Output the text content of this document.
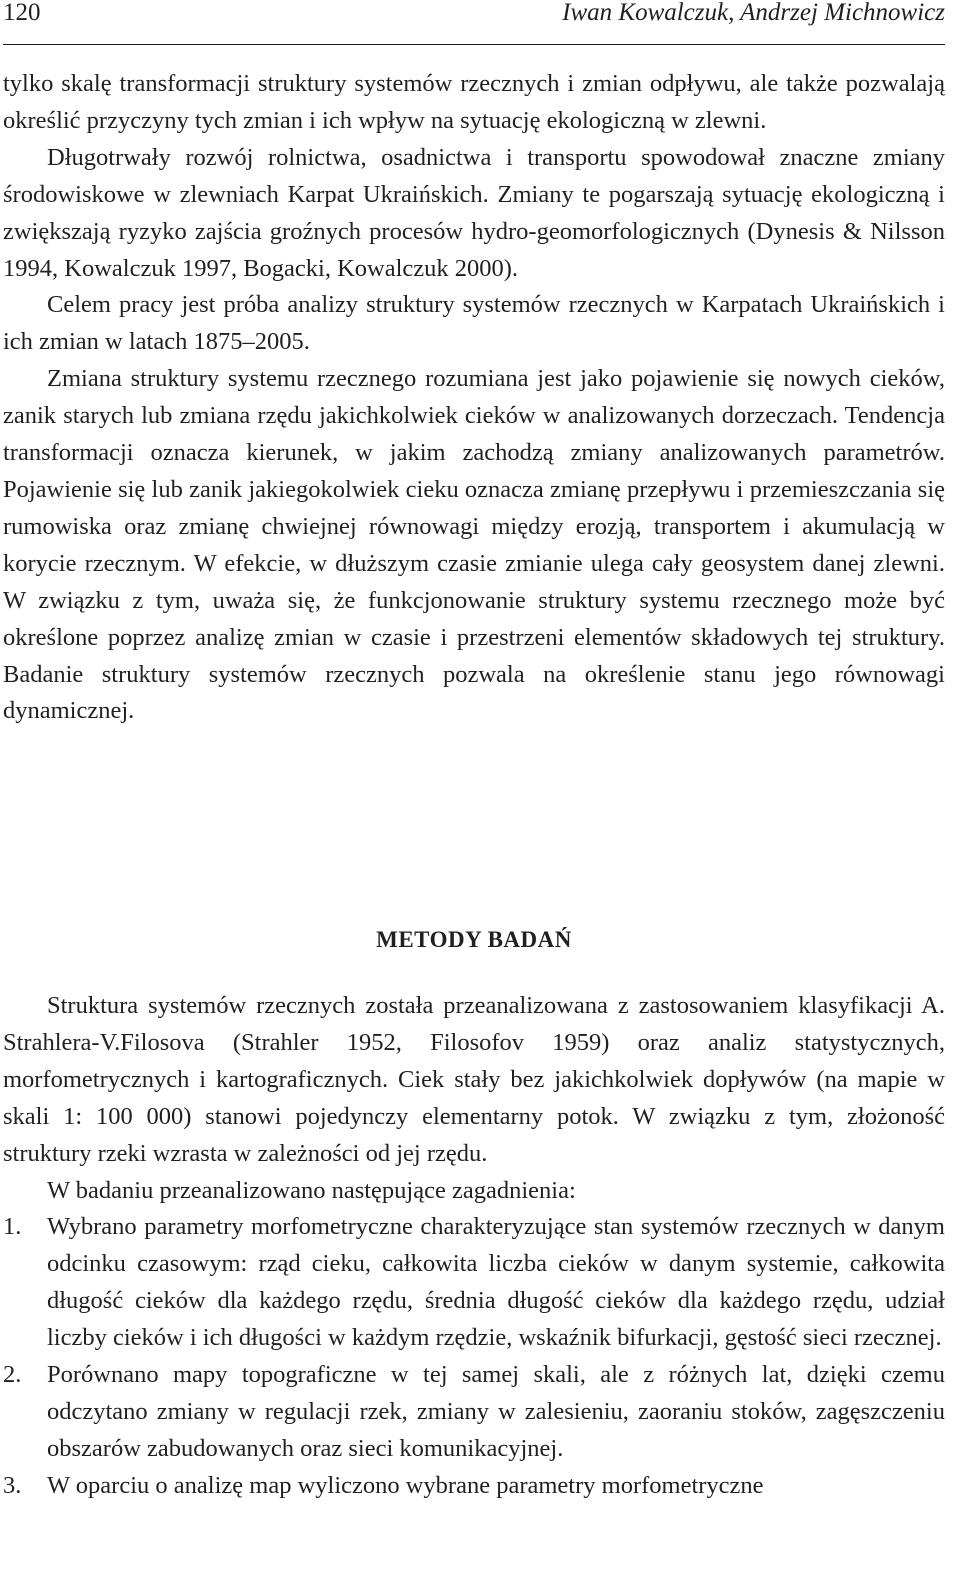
120	Iwan Kowalczuk, Andrzej Michnowicz

tylko skalę transformacji struktury systemów rzecznych i zmian odpływu, ale także pozwalają określić przyczyny tych zmian i ich wpływ na sytuację ekologiczną w zlewni.

Długotrwały rozwój rolnictwa, osadnictwa i transportu spowodował znaczne zmiany środowiskowe w zlewniach Karpat Ukraińskich. Zmiany te pogarszają sytuację ekologiczną i zwiększają ryzyko zajścia groźnych procesów hydro-geomorfologicznych (Dynesis & Nilsson 1994, Kowalczuk 1997, Bogacki, Kowalczuk 2000).

Celem pracy jest próba analizy struktury systemów rzecznych w Karpatach Ukraińskich i ich zmian w latach 1875–2005.

Zmiana struktury systemu rzecznego rozumiana jest jako pojawienie się nowych cieków, zanik starych lub zmiana rzędu jakichkolwiek cieków w analizowanych dorzeczach. Tendencja transformacji oznacza kierunek, w jakim zachodzą zmiany analizowanych parametrów. Pojawienie się lub zanik jakiegokolwiek cieku oznacza zmianę przepływu i przemieszczania się rumowiska oraz zmianę chwiejnej równowagi między erozją, transportem i akumulacją w korycie rzecznym. W efekcie, w dłuższym czasie zmianie ulega cały geosystem danej zlewni. W związku z tym, uważa się, że funkcjonowanie struktury systemu rzecznego może być określone poprzez analizę zmian w czasie i przestrzeni elementów składowych tej struktury. Badanie struktury systemów rzecznych pozwala na określenie stanu jego równowagi dynamicznej.

METODY BADAŃ

Struktura systemów rzecznych została przeanalizowana z zastosowaniem klasyfikacji A. Strahlera-V.Filosova (Strahler 1952, Filosofov 1959) oraz analiz statystycznych, morfometrycznych i kartograficznych. Ciek stały bez jakichkolwiek dopływów (na mapie w skali 1: 100 000) stanowi pojedynczy elementarny potok. W związku z tym, złożoność struktury rzeki wzrasta w zależności od jej rzędu.

W badaniu przeanalizowano następujące zagadnienia:

1. Wybrano parametry morfometryczne charakteryzujące stan systemów rzecznych w danym odcinku czasowym: rząd cieku, całkowita liczba cieków w danym systemie, całkowita długość cieków dla każdego rzędu, średnia długość cieków dla każdego rzędu, udział liczby cieków i ich długości w każdym rzędzie, wskaźnik bifurkacji, gęstość sieci rzecznej.
2. Porównano mapy topograficzne w tej samej skali, ale z różnych lat, dzięki czemu odczytano zmiany w regulacji rzek, zmiany w zalesieniu, zaoraniu stoków, zagęszczeniu obszarów zabudowanych oraz sieci komunikacyjnej.
3. W oparciu o analizę map wyliczono wybrane parametry morfometryczne
